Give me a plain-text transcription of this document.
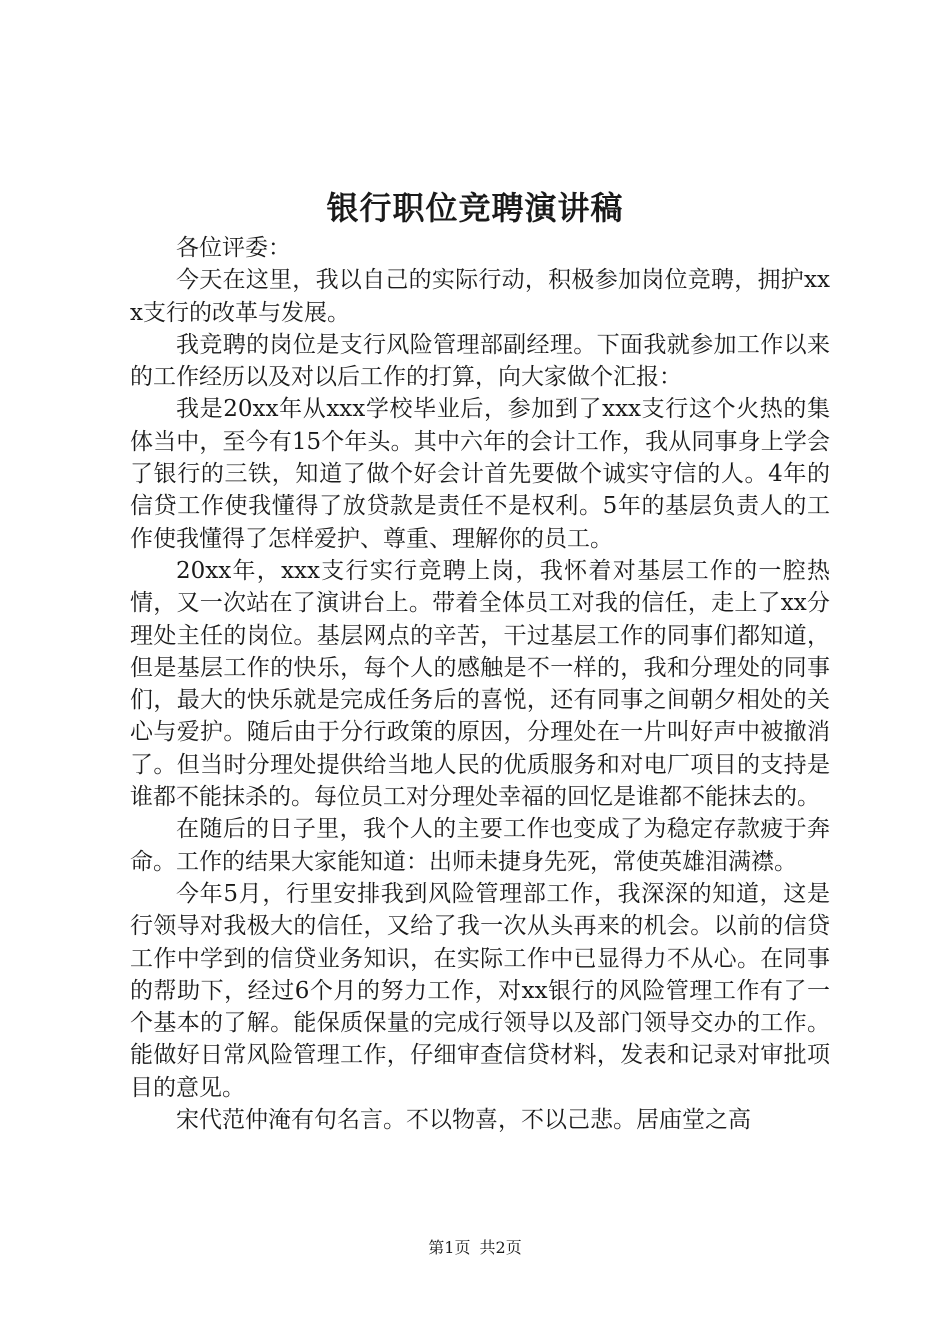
银行职位竞聘演讲稿

各位评委：

今天在这里，我以自己的实际行动，积极参加岗位竞聘，拥护xxx支行的改革与发展。

我竞聘的岗位是支行风险管理部副经理。下面我就参加工作以来的工作经历以及对以后工作的打算，向大家做个汇报：

我是20xx年从xxx学校毕业后，参加到了xxx支行这个火热的集体当中，至今有15个年头。其中六年的会计工作，我从同事身上学会了银行的三铁，知道了做个好会计首先要做个诚实守信的人。4年的信贷工作使我懂得了放贷款是责任不是权利。5年的基层负责人的工作使我懂得了怎样爱护、尊重、理解你的员工。

20xx年，xxx支行实行竞聘上岗，我怀着对基层工作的一腔热情，又一次站在了演讲台上。带着全体员工对我的信任，走上了xx分理处主任的岗位。基层网点的辛苦，干过基层工作的同事们都知道，但是基层工作的快乐，每个人的感触是不一样的，我和分理处的同事们，最大的快乐就是完成任务后的喜悦，还有同事之间朝夕相处的关心与爱护。随后由于分行政策的原因，分理处在一片叫好声中被撤消了。但当时分理处提供给当地人民的优质服务和对电厂项目的支持是谁都不能抹杀的。每位员工对分理处幸福的回忆是谁都不能抹去的。

在随后的日子里，我个人的主要工作也变成了为稳定存款疲于奔命。工作的结果大家能知道：出师未捷身先死，常使英雄泪满襟。

今年5月，行里安排我到风险管理部工作，我深深的知道，这是行领导对我极大的信任，又给了我一次从头再来的机会。以前的信贷工作中学到的信贷业务知识，在实际工作中已显得力不从心。在同事的帮助下，经过6个月的努力工作，对xx银行的风险管理工作有了一个基本的了解。能保质保量的完成行领导以及部门领导交办的工作。能做好日常风险管理工作，仔细审查信贷材料，发表和记录对审批项目的意见。

宋代范仲淹有句名言。不以物喜，不以己悲。居庙堂之高

第1页 共2页
